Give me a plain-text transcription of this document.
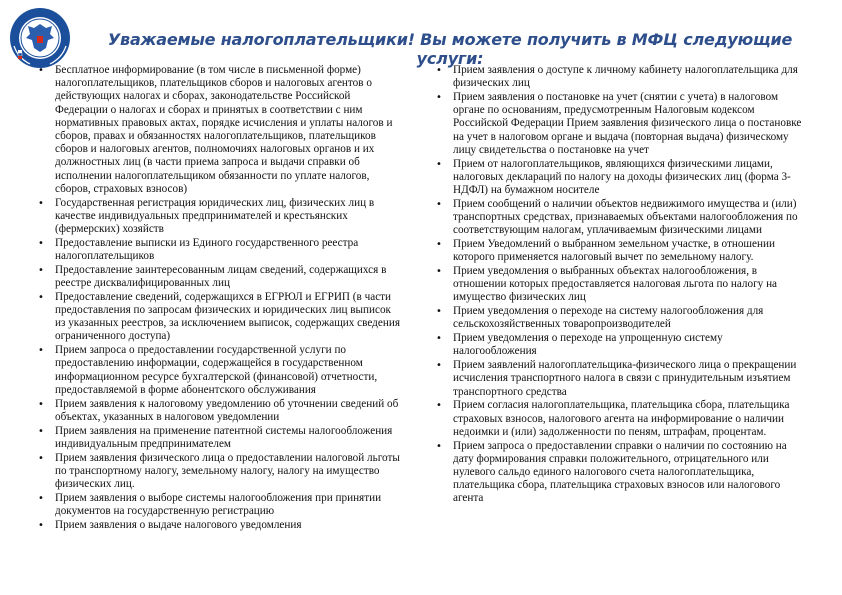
Уважаемые налогоплательщики! Вы можете получить в МФЦ следующие услуги:
• Бесплатное информирование (в том числе в письменной форме) налогоплательщиков, плательщиков сборов и налоговых агентов о действующих налогах и сборах, законодательстве Российской Федерации о налогах и сборах и принятых в соответствии с ним нормативных правовых актах, порядке исчисления и уплаты налогов и сборов, правах и обязанностях налогоплательщиков, плательщиков сборов и налоговых агентов, полномочиях налоговых органов и их должностных лиц (в части приема запроса и выдачи справки об исполнении налогоплательщиком обязанности по уплате налогов, сборов, страховых взносов)
• Государственная регистрация юридических лиц, физических лиц в качестве индивидуальных предпринимателей и крестьянских (фермерских) хозяйств
• Предоставление выписки из Единого государственного реестра налогоплательщиков
• Предоставление заинтересованным лицам сведений, содержащихся в реестре дисквалифицированных лиц
• Предоставление сведений, содержащихся в ЕГРЮЛ и ЕГРИП (в части предоставления по запросам физических и юридических лиц выписок из указанных реестров, за исключением выписок, содержащих сведения ограниченного доступа)
• Прием запроса о предоставлении государственной услуги по предоставлению информации, содержащейся в государственном информационном ресурсе бухгалтерской (финансовой) отчетности, предоставляемой в форме абонентского обслуживания
• Прием заявления к налоговому уведомлению об уточнении сведений об объектах, указанных в налоговом уведомлении
• Прием заявления на применение патентной системы налогообложения индивидуальным предпринимателем
• Прием заявления физического лица о предоставлении налоговой льготы по транспортному налогу, земельному налогу, налогу на имущество физических лиц.
• Прием заявления о выборе системы налогообложения при принятии документов на государственную регистрацию
• Прием заявления о выдаче налогового уведомления
• Прием заявления о доступе к личному кабинету налогоплательщика для физических лиц
• Прием заявления о постановке на учет (снятии с учета) в налоговом органе по основаниям, предусмотренным Налоговым кодексом Российской Федерации Прием заявления физического лица о постановке на учет в налоговом органе и выдача (повторная выдача) физическому лицу свидетельства о постановке на учет
• Прием от налогоплательщиков, являющихся физическими лицами, налоговых деклараций по налогу на доходы физических лиц (форма 3-НДФЛ) на бумажном носителе
• Прием сообщений о наличии объектов недвижимого имущества и (или) транспортных средствах, признаваемых объектами налогообложения по соответствующим налогам, уплачиваемым физическими лицами
• Прием Уведомлений о выбранном земельном участке, в отношении которого применяется налоговый вычет по земельному налогу.
• Прием уведомления о выбранных объектах налогообложения, в отношении которых предоставляется налоговая льгота по налогу на имущество физических лиц
• Прием уведомления о переходе на систему налогообложения для сельскохозяйственных товаропроизводителей
• Прием уведомления о переходе на упрощенную систему налогообложения
• Прием заявлений налогоплательщика-физического лица о прекращении исчисления транспортного налога в связи с принудительным изъятием транспортного средства
• Прием согласия налогоплательщика, плательщика сбора, плательщика страховых взносов, налогового агента на информирование о наличии недоимки и (или) задолженности по пеням, штрафам, процентам.
• Прием запроса о предоставлении справки о наличии по состоянию на дату формирования справки положительного, отрицательного или нулевого сальдо единого налогового счета налогоплательщика, плательщика сбора, плательщика страховых взносов или налогового агента
